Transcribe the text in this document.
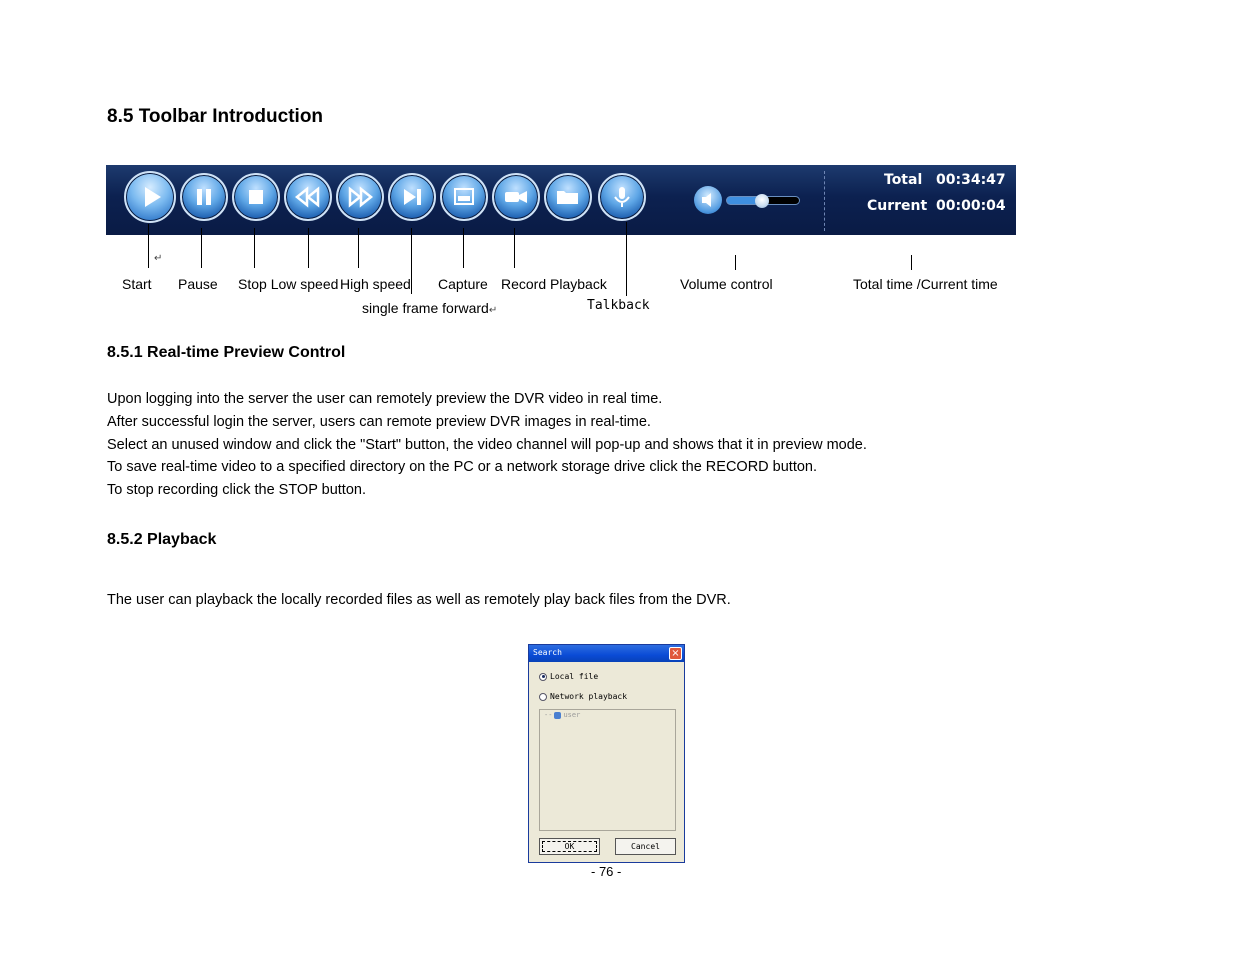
8.5 Toolbar Introduction
Total 00:34:47
Current 00:00:04
↵
Start Pause Stop Low speed High speed
single frame forward↵
Capture Record Playback
Talkback
Volume control	Total time /Current time
8.5.1 Real-time Preview Control
Upon logging into the server the user can remotely preview the DVR video in real time.
After successful login the server, users can remote preview DVR images in real-time.
Select an unused window and click the "Start" button, the video channel will pop-up and shows that it in preview mode.
To save real-time video to a specified directory on the PC or a network storage drive click the RECORD button.
To stop recording click the STOP button.
8.5.2 Playback
The user can playback the locally recorded files as well as remotely play back files from the DVR.
Search	×
Local file
Network playback
-- user
OK	Cancel
- 76 -
